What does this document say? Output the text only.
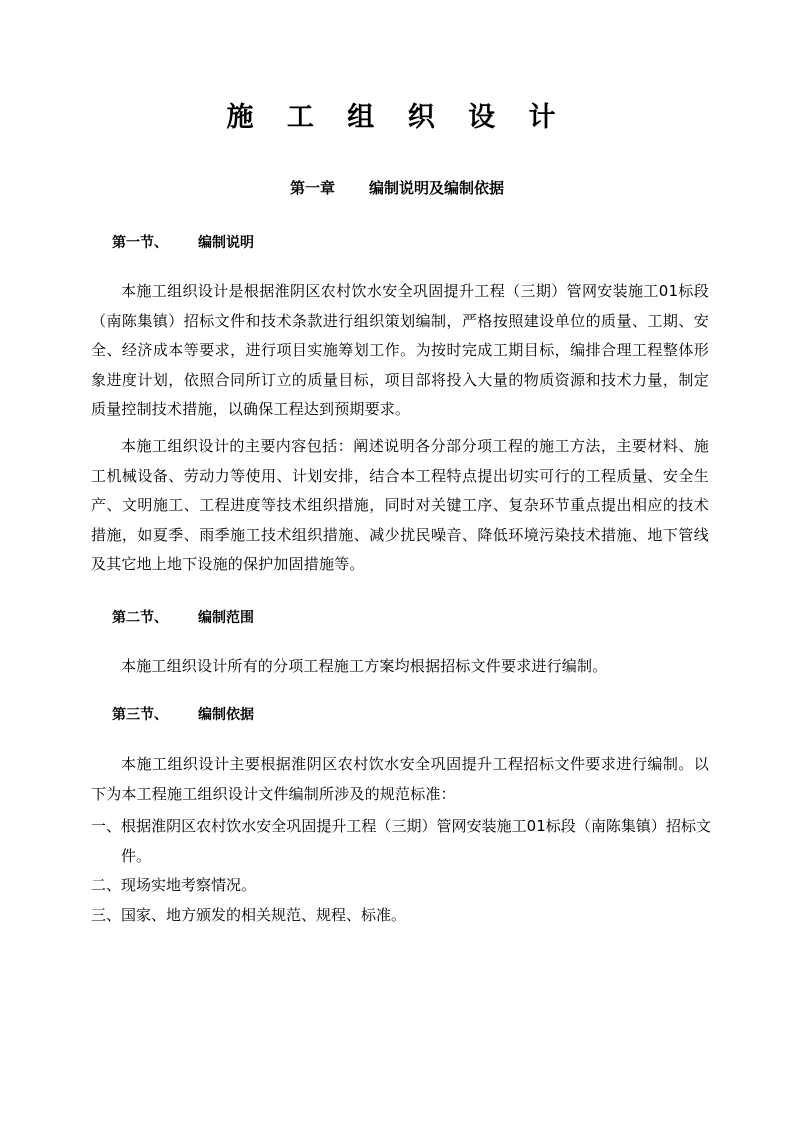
施 工 组 织 设 计
第一章 编制说明及编制依据
第一节、 编制说明
本施工组织设计是根据淮阴区农村饮水安全巩固提升工程（三期）管网安装施工01标段（南陈集镇）招标文件和技术条款进行组织策划编制，严格按照建设单位的质量、工期、安全、经济成本等要求，进行项目实施筹划工作。为按时完成工期目标，编排合理工程整体形象进度计划，依照合同所订立的质量目标，项目部将投入大量的物质资源和技术力量，制定质量控制技术措施，以确保工程达到预期要求。
本施工组织设计的主要内容包括：阐述说明各分部分项工程的施工方法，主要材料、施工机械设备、劳动力等使用、计划安排，结合本工程特点提出切实可行的工程质量、安全生产、文明施工、工程进度等技术组织措施，同时对关键工序、复杂环节重点提出相应的技术措施，如夏季、雨季施工技术组织措施、减少扰民噪音、降低环境污染技术措施、地下管线及其它地上地下设施的保护加固措施等。
第二节、 编制范围
本施工组织设计所有的分项工程施工方案均根据招标文件要求进行编制。
第三节、 编制依据
本施工组织设计主要根据淮阴区农村饮水安全巩固提升工程招标文件要求进行编制。以下为本工程施工组织设计文件编制所涉及的规范标准：
一、根据淮阴区农村饮水安全巩固提升工程（三期）管网安装施工01标段（南陈集镇）招标文件。
二、现场实地考察情况。
三、国家、地方颁发的相关规范、规程、标准。
